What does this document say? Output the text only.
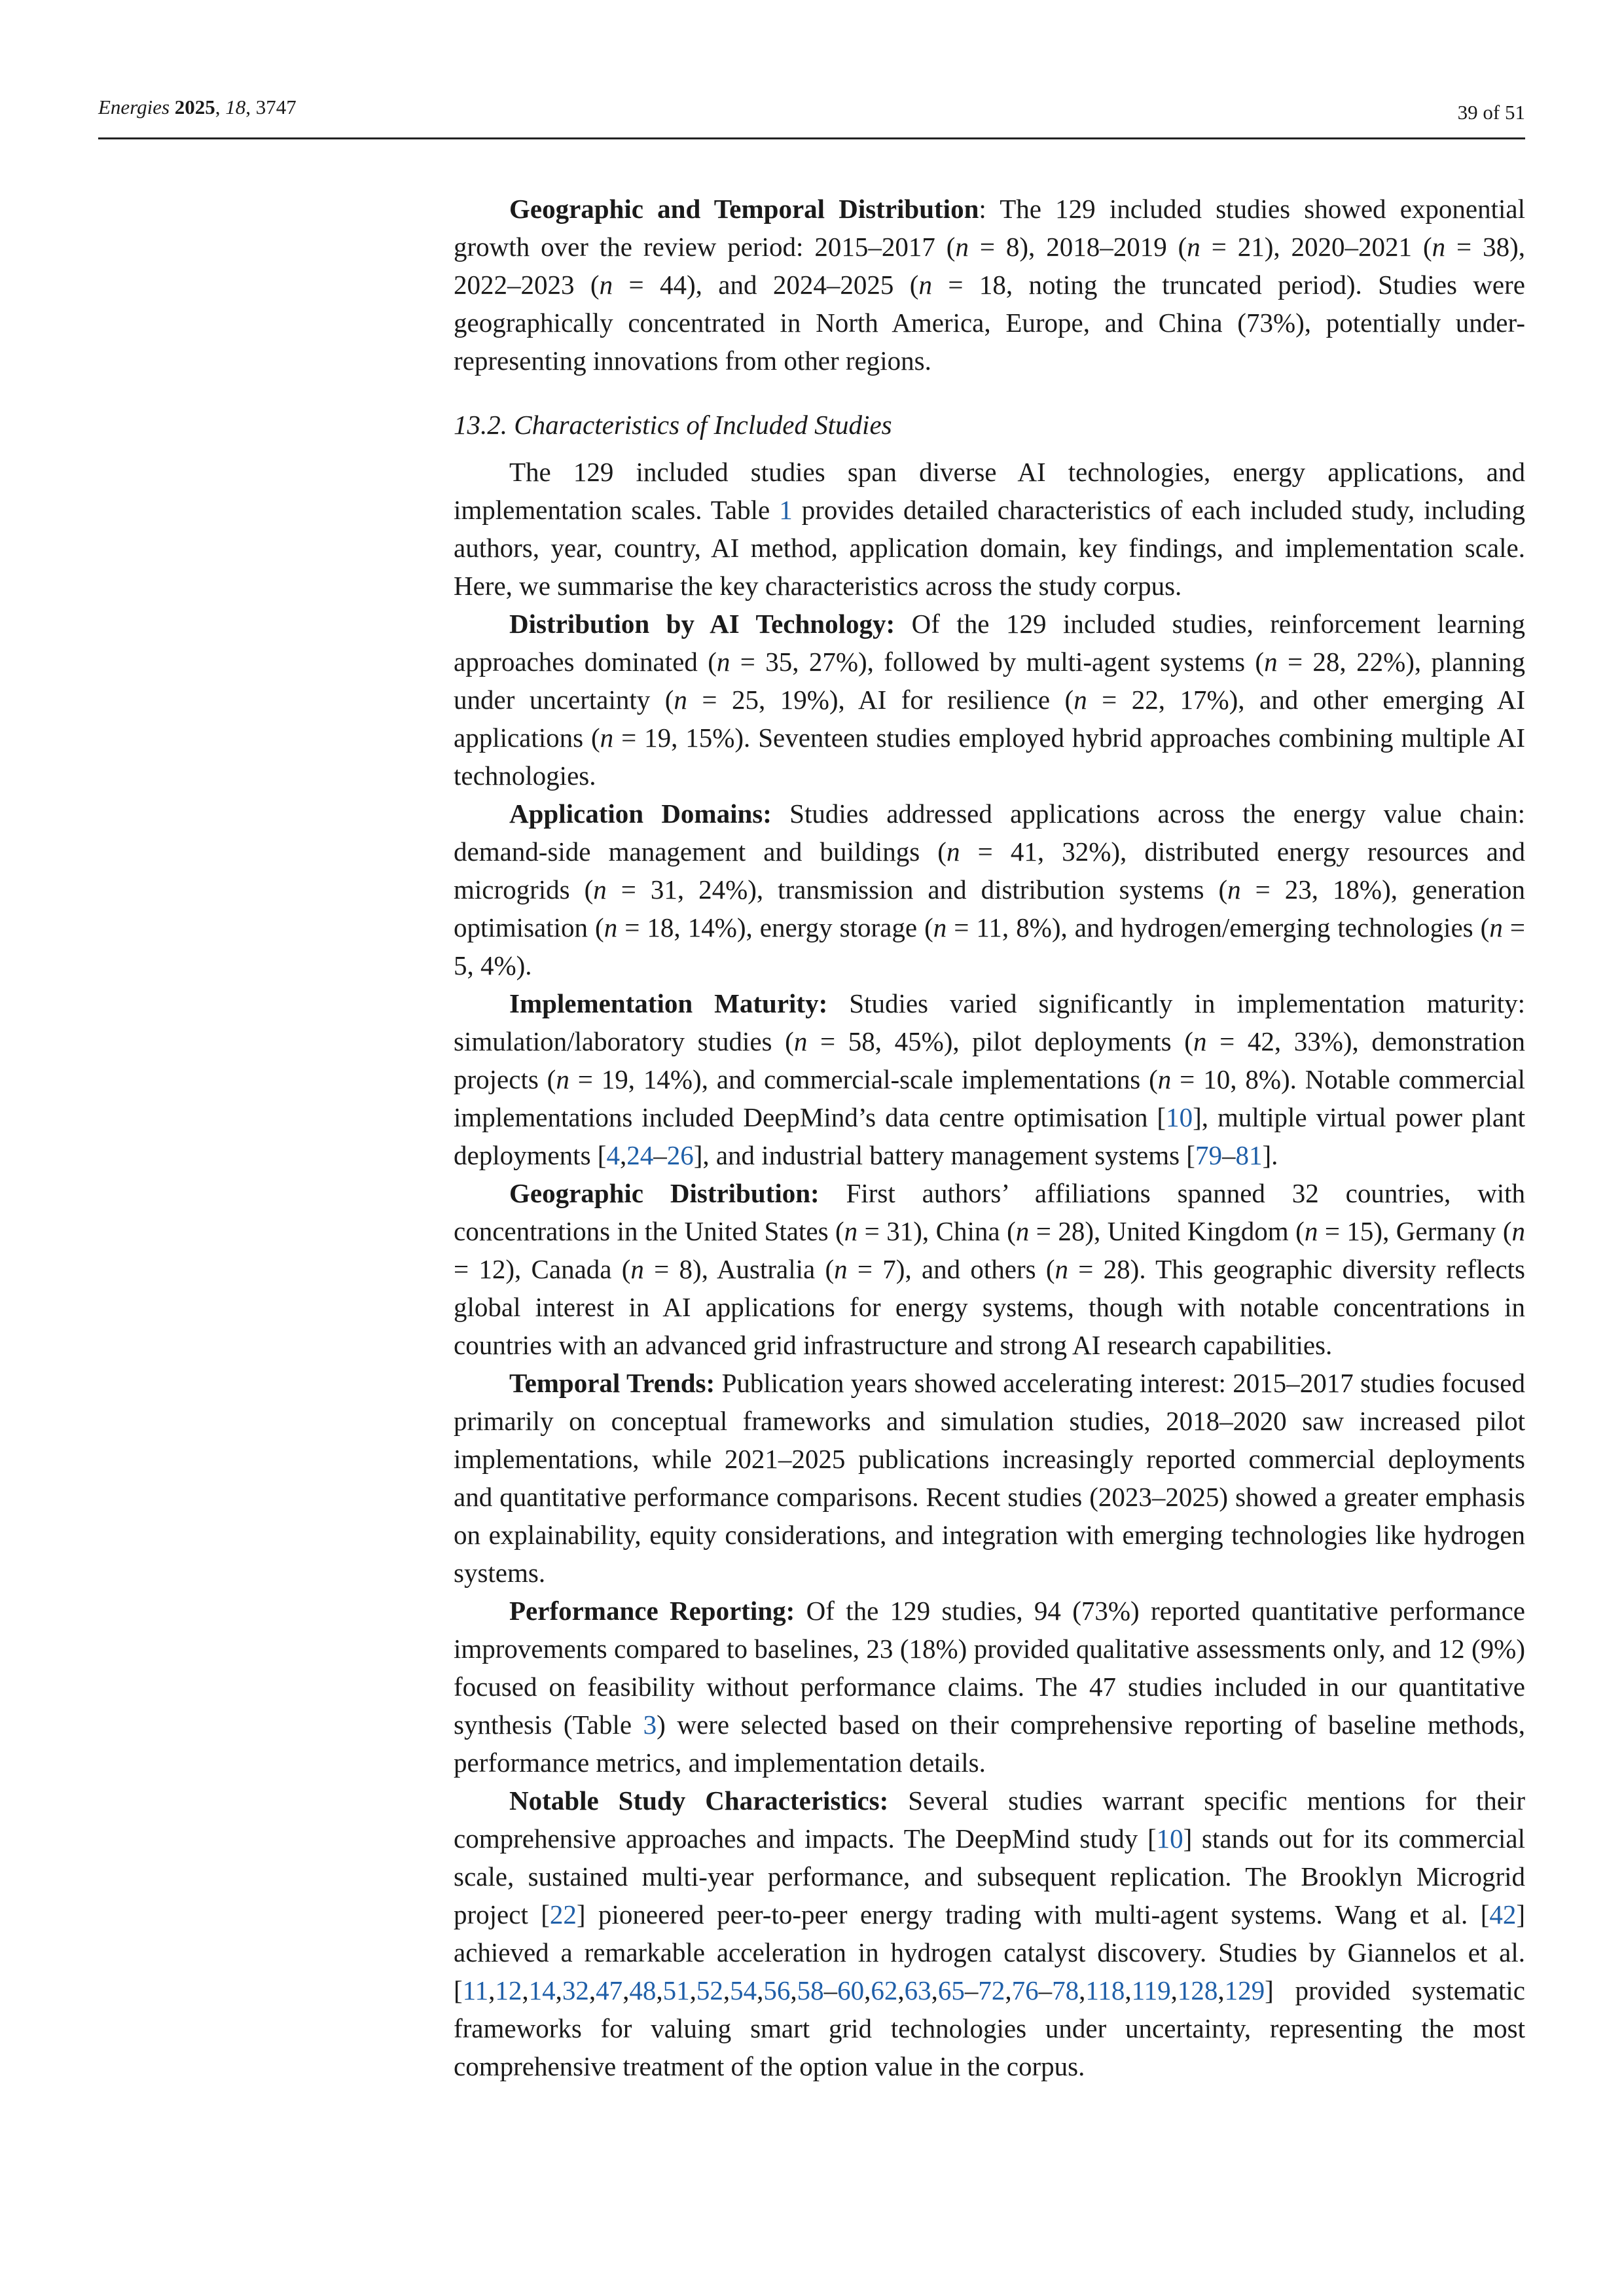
Energies 2025, 18, 3747	39 of 51

Geographic and Temporal Distribution: The 129 included studies showed exponential growth over the review period: 2015–2017 (n = 8), 2018–2019 (n = 21), 2020–2021 (n = 38), 2022–2023 (n = 44), and 2024–2025 (n = 18, noting the truncated period). Studies were geographically concentrated in North America, Europe, and China (73%), potentially under-representing innovations from other regions.

13.2. Characteristics of Included Studies

The 129 included studies span diverse AI technologies, energy applications, and implementation scales. Table 1 provides detailed characteristics of each included study, including authors, year, country, AI method, application domain, key findings, and implementation scale. Here, we summarise the key characteristics across the study corpus.

Distribution by AI Technology: Of the 129 included studies, reinforcement learning approaches dominated (n = 35, 27%), followed by multi-agent systems (n = 28, 22%), planning under uncertainty (n = 25, 19%), AI for resilience (n = 22, 17%), and other emerging AI applications (n = 19, 15%). Seventeen studies employed hybrid approaches combining multiple AI technologies.

Application Domains: Studies addressed applications across the energy value chain: demand-side management and buildings (n = 41, 32%), distributed energy resources and microgrids (n = 31, 24%), transmission and distribution systems (n = 23, 18%), generation optimisation (n = 18, 14%), energy storage (n = 11, 8%), and hydrogen/emerging technologies (n = 5, 4%).

Implementation Maturity: Studies varied significantly in implementation maturity: simulation/laboratory studies (n = 58, 45%), pilot deployments (n = 42, 33%), demonstration projects (n = 19, 14%), and commercial-scale implementations (n = 10, 8%). Notable commercial implementations included DeepMind’s data centre optimisation [10], multiple virtual power plant deployments [4,24–26], and industrial battery management systems [79–81].

Geographic Distribution: First authors’ affiliations spanned 32 countries, with concentrations in the United States (n = 31), China (n = 28), United Kingdom (n = 15), Germany (n = 12), Canada (n = 8), Australia (n = 7), and others (n = 28). This geographic diversity reflects global interest in AI applications for energy systems, though with notable concentrations in countries with an advanced grid infrastructure and strong AI research capabilities.

Temporal Trends: Publication years showed accelerating interest: 2015–2017 studies focused primarily on conceptual frameworks and simulation studies, 2018–2020 saw increased pilot implementations, while 2021–2025 publications increasingly reported commercial deployments and quantitative performance comparisons. Recent studies (2023–2025) showed a greater emphasis on explainability, equity considerations, and integration with emerging technologies like hydrogen systems.

Performance Reporting: Of the 129 studies, 94 (73%) reported quantitative performance improvements compared to baselines, 23 (18%) provided qualitative assessments only, and 12 (9%) focused on feasibility without performance claims. The 47 studies included in our quantitative synthesis (Table 3) were selected based on their comprehensive reporting of baseline methods, performance metrics, and implementation details.

Notable Study Characteristics: Several studies warrant specific mentions for their comprehensive approaches and impacts. The DeepMind study [10] stands out for its commercial scale, sustained multi-year performance, and subsequent replication. The Brooklyn Microgrid project [22] pioneered peer-to-peer energy trading with multi-agent systems. Wang et al. [42] achieved a remarkable acceleration in hydrogen catalyst discovery. Studies by Giannelos et al. [11,12,14,32,47,48,51,52,54,56,58–60,62,63,65–72,76–78,118,119,128,129] provided systematic frameworks for valuing smart grid technologies under uncertainty, representing the most comprehensive treatment of the option value in the corpus.
